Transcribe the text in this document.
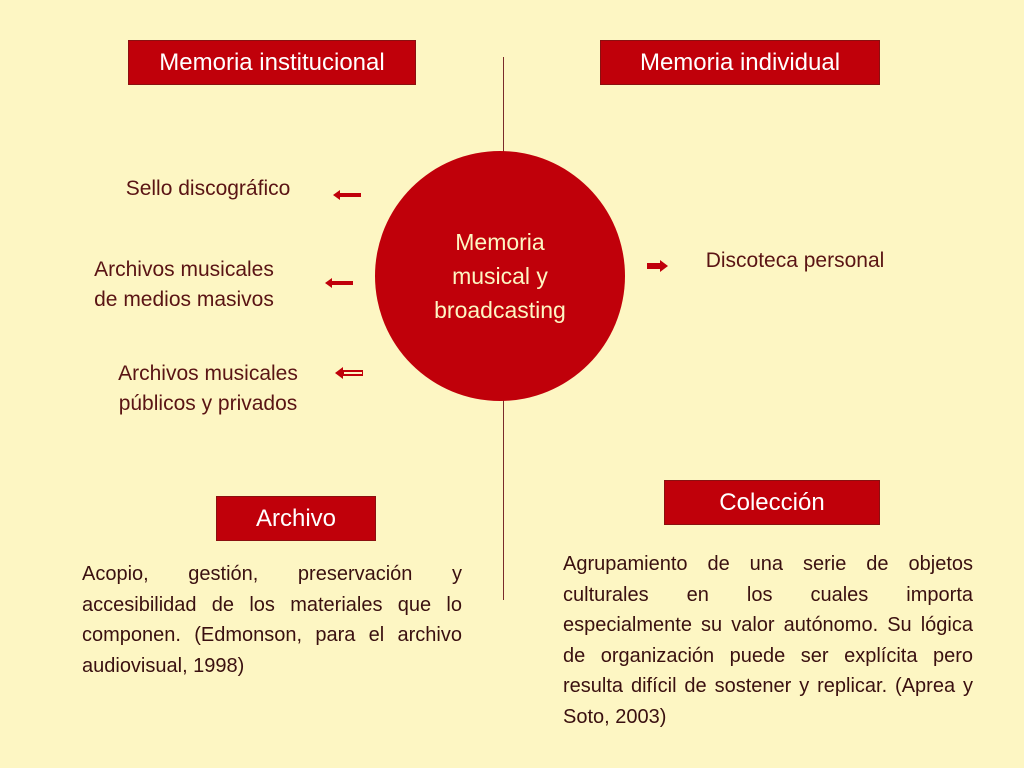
Memoria institucional	Memoria individual
Memoria
musical y
broadcasting
Sello discográfico
Archivos musicales
de medios masivos
Archivos musicales
públicos y privados
Discoteca personal
Archivo
Colección
Acopio, gestión, preservación y accesibilidad de los materiales que lo componen. (Edmonson, para el archivo audiovisual, 1998)
Agrupamiento de una serie de objetos culturales en los cuales importa especialmente su valor autónomo. Su lógica de organización puede ser explícita pero resulta difícil de sostener y replicar. (Aprea y Soto, 2003)
